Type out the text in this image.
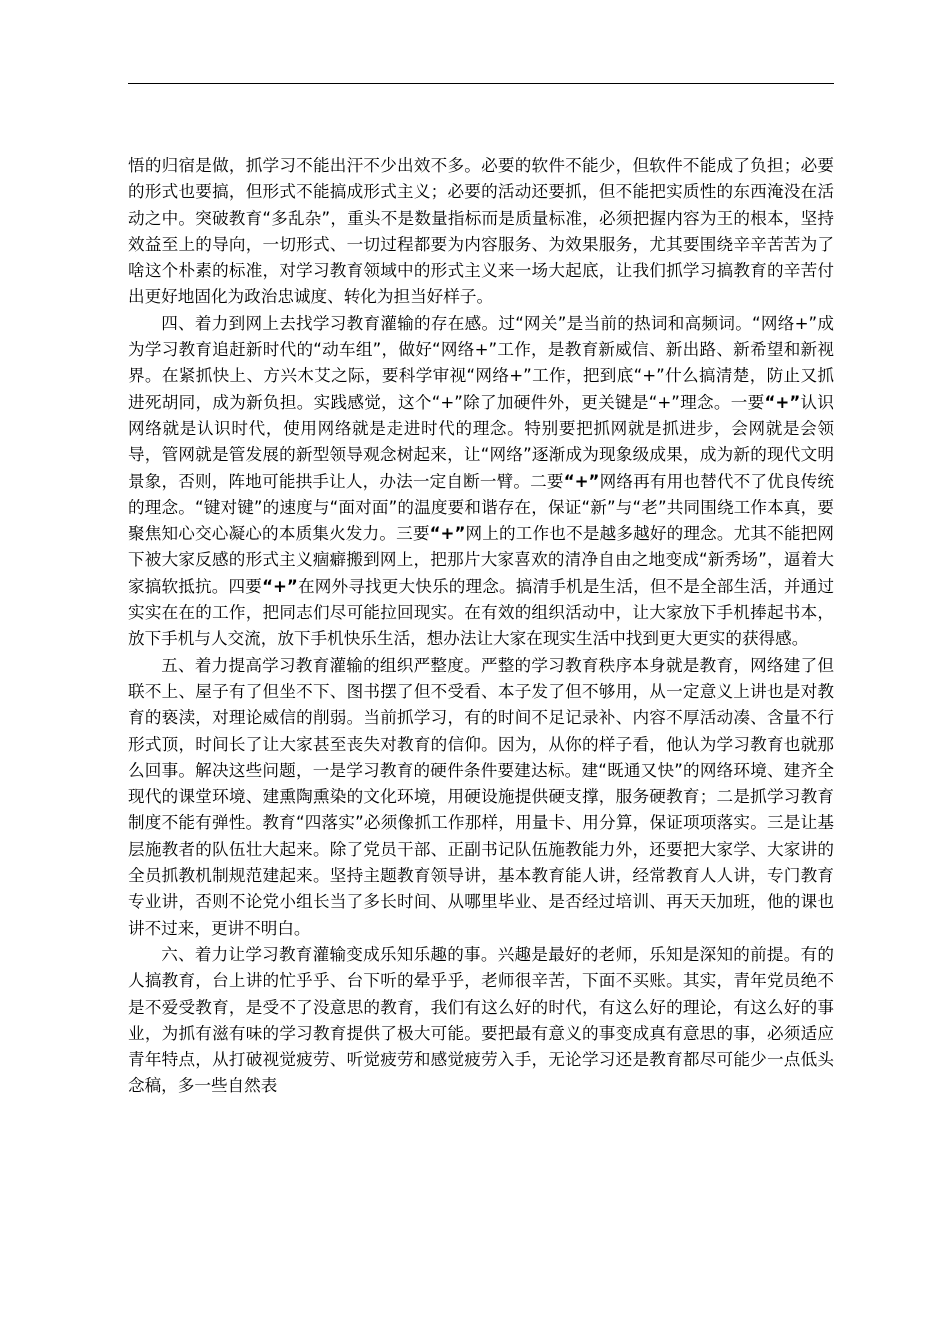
悟的归宿是做，抓学习不能出汗不少出效不多。必要的软件不能少，但软件不能成了负担；必要的形式也要搞，但形式不能搞成形式主义；必要的活动还要抓，但不能把实质性的东西淹没在活动之中。突破教育“多乱杂”，重头不是数量指标而是质量标准，必须把握内容为王的根本，坚持效益至上的导向，一切形式、一切过程都要为内容服务、为效果服务，尤其要围绕辛辛苦苦为了啥这个朴素的标准，对学习教育领域中的形式主义来一场大起底，让我们抓学习搞教育的辛苦付出更好地固化为政治忠诚度、转化为担当好样子。

四、着力到网上去找学习教育灌输的存在感。过“网关”是当前的热词和高频词。“网络+”成为学习教育追赶新时代的“动车组”，做好“网络+”工作，是教育新威信、新出路、新希望和新视界。在紧抓快上、方兴木艾之际，要科学审视“网络+”工作，把到底“+”什么搞清楚，防止又抓进死胡同，成为新负担。实践感觉，这个“+”除了加硬件外，更关键是“+”理念。一要“+”认识网络就是认识时代，使用网络就是走进时代的理念。特别要把抓网就是抓进步，会网就是会领导，管网就是管发展的新型领导观念树起来，让“网络”逐渐成为现象级成果，成为新的现代文明景象，否则，阵地可能拱手让人，办法一定自断一臂。二要“+”网络再有用也替代不了优良传统的理念。“键对键”的速度与“面对面”的温度要和谐存在，保证“新”与“老”共同围绕工作本真，要聚焦知心交心凝心的本质集火发力。三要“+”网上的工作也不是越多越好的理念。尤其不能把网下被大家反感的形式主义痼癖搬到网上，把那片大家喜欢的清净自由之地变成“新秀场”，逼着大家搞软抵抗。四要“+”在网外寻找更大快乐的理念。搞清手机是生活，但不是全部生活，并通过实实在在的工作，把同志们尽可能拉回现实。在有效的组织活动中，让大家放下手机捧起书本，放下手机与人交流，放下手机快乐生活，想办法让大家在现实生活中找到更大更实的获得感。

五、着力提高学习教育灌输的组织严整度。严整的学习教育秩序本身就是教育，网络建了但联不上、屋子有了但坐不下、图书摆了但不受看、本子发了但不够用，从一定意义上讲也是对教育的亵渎，对理论威信的削弱。当前抓学习，有的时间不足记录补、内容不厚活动凑、含量不行形式顶，时间长了让大家甚至丧失对教育的信仰。因为，从你的样子看，他认为学习教育也就那么回事。解决这些问题，一是学习教育的硬件条件要建达标。建“既通又快”的网络环境、建齐全现代的课堂环境、建熏陶熏染的文化环境，用硬设施提供硬支撑，服务硬教育；二是抓学习教育制度不能有弹性。教育“四落实”必须像抓工作那样，用量卡、用分算，保证项项落实。三是让基层施教者的队伍壮大起来。除了党员干部、正副书记队伍施教能力外，还要把大家学、大家讲的全员抓教机制规范建起来。坚持主题教育领导讲，基本教育能人讲，经常教育人人讲，专门教育专业讲，否则不论党小组长当了多长时间、从哪里毕业、是否经过培训、再天天加班，他的课也讲不过来，更讲不明白。

六、着力让学习教育灌输变成乐知乐趣的事。兴趣是最好的老师，乐知是深知的前提。有的人搞教育，台上讲的忙乎乎、台下听的晕乎乎，老师很辛苦，下面不买账。其实，青年党员绝不是不爱受教育，是受不了没意思的教育，我们有这么好的时代，有这么好的理论，有这么好的事业，为抓有滋有味的学习教育提供了极大可能。要把最有意义的事变成真有意思的事，必须适应青年特点，从打破视觉疲劳、听觉疲劳和感觉疲劳入手，无论学习还是教育都尽可能少一点低头念稿，多一些自然表
